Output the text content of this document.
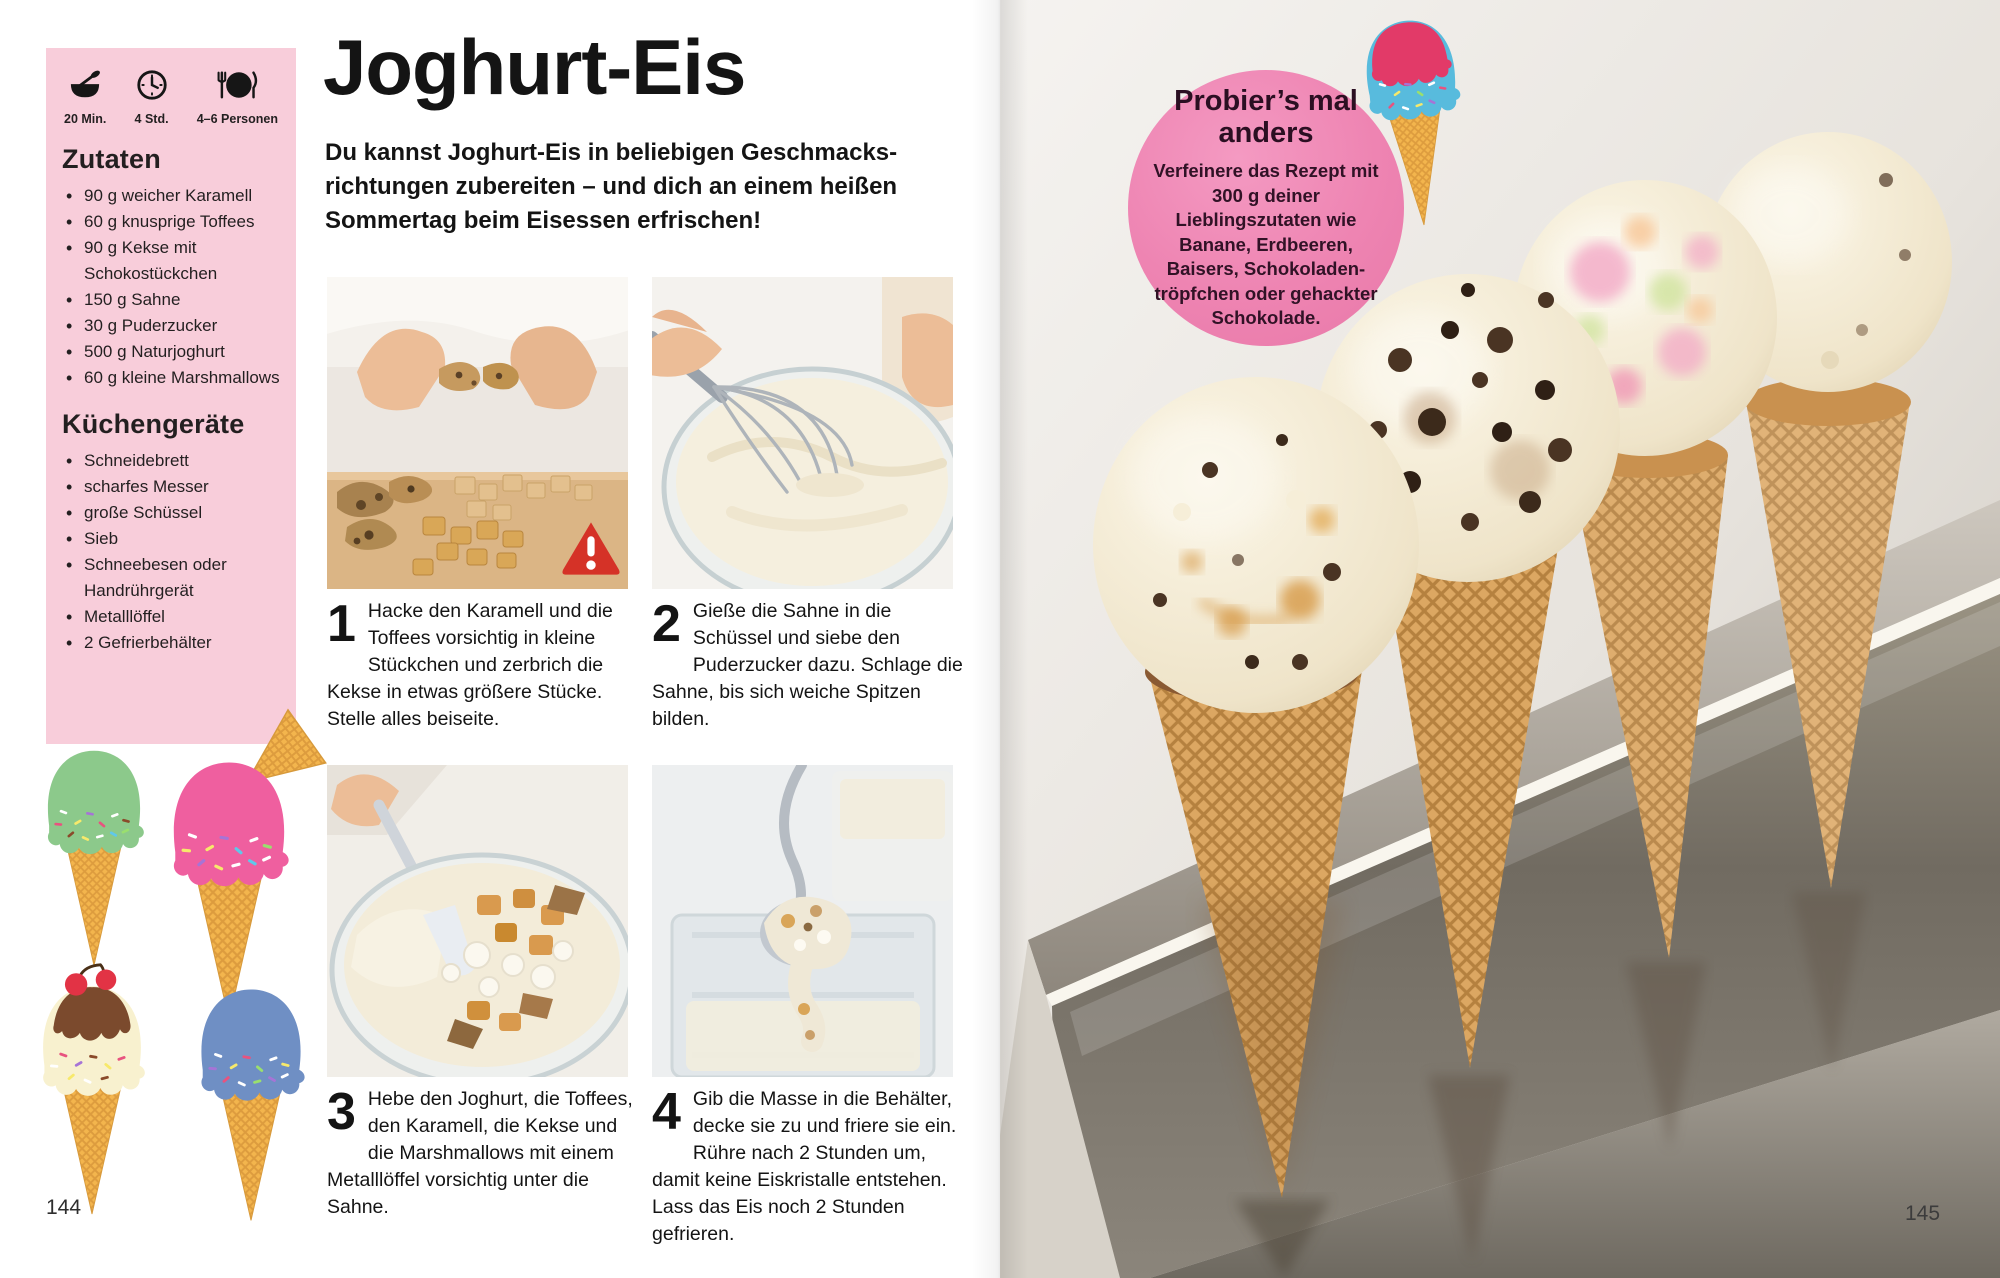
20 Min. 4 Std. 4–6 Personen
Zutaten
• 90 g weicher Karamell
• 60 g knusprige Toffees
• 90 g Kekse mit Schokostückchen
• 150 g Sahne
• 30 g Puderzucker
• 500 g Naturjoghurt
• 60 g kleine Marshmallows
Küchengeräte
• Schneidebrett
• scharfes Messer
• große Schüssel
• Sieb
• Schneebesen oder Handrührgerät
• Metalllöffel
• 2 Gefrierbehälter
Joghurt-Eis
Du kannst Joghurt-Eis in beliebigen Geschmacksrichtungen zubereiten – und dich an einem heißen Sommertag beim Eisessen erfrischen!
1 Hacke den Karamell und die Toffees vorsichtig in kleine Stückchen und zerbrich die Kekse in etwas größere Stücke. Stelle alles beiseite.
2 Gieße die Sahne in die Schüssel und siebe den Puderzucker dazu. Schlage die Sahne, bis sich weiche Spitzen bilden.
3 Hebe den Joghurt, die Toffees, den Karamell, die Kekse und die Marshmallows mit einem Metalllöffel vorsichtig unter die Sahne.
4 Gib die Masse in die Behälter, decke sie zu und friere sie ein. Rühre nach 2 Stunden um, damit keine Eiskristalle entstehen. Lass das Eis noch 2 Stunden gefrieren.
144
Probier’s mal anders
Verfeinere das Rezept mit 300 g deiner Lieblingszutaten wie Banane, Erdbeeren, Baisers, Schokoladentröpfchen oder gehackter Schokolade.
145
